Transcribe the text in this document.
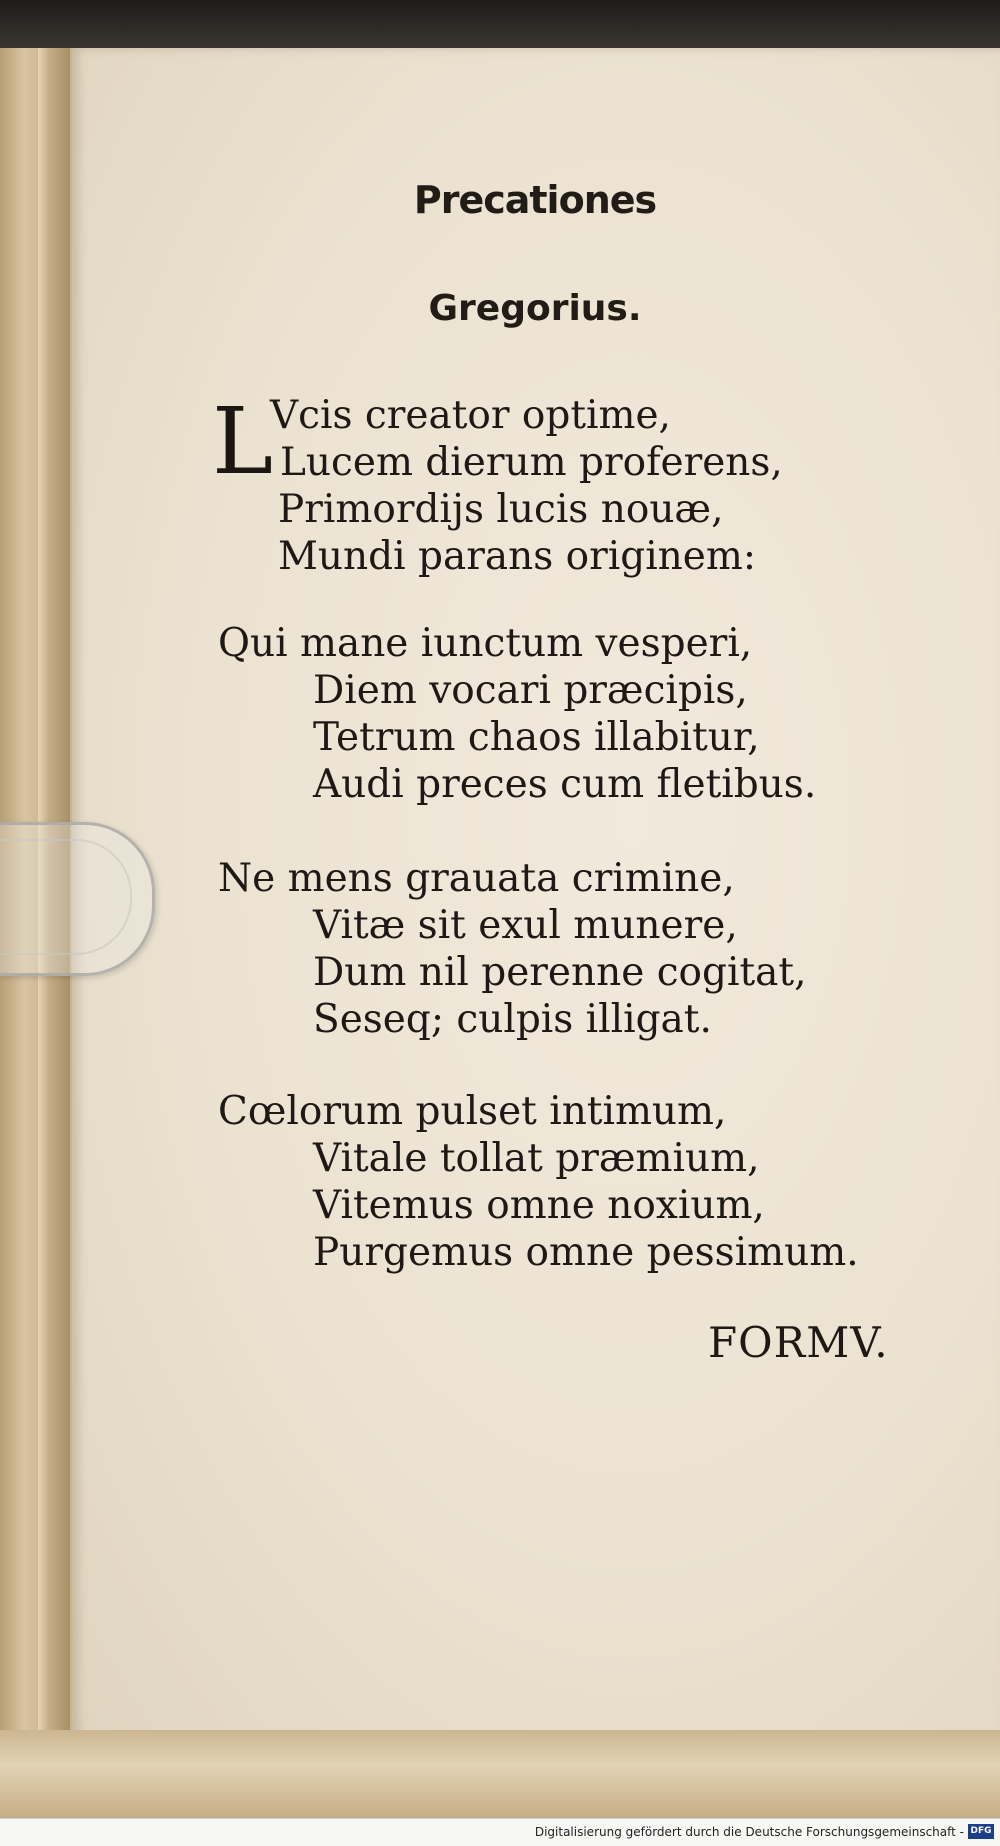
Precationes
Gregorius.
L
Vcis creator optime,
Lucem dierum proferens,
Primordijs lucis nouæ,
Mundi parans originem:
Qui mane iunctum vesperi,
Diem vocari præcipis,
Tetrum chaos illabitur,
Audi preces cum fletibus.
Ne mens grauata crimine,
Vitæ sit exul munere,
Dum nil perenne cogitat,
Seseq; culpis illigat.
Cœlorum pulset intimum,
Vitale tollat præmium,
Vitemus omne noxium,
Purgemus omne pessimum.
FORMV.
Digitalisierung gefördert durch die Deutsche Forschungsgemeinschaft - DFG
